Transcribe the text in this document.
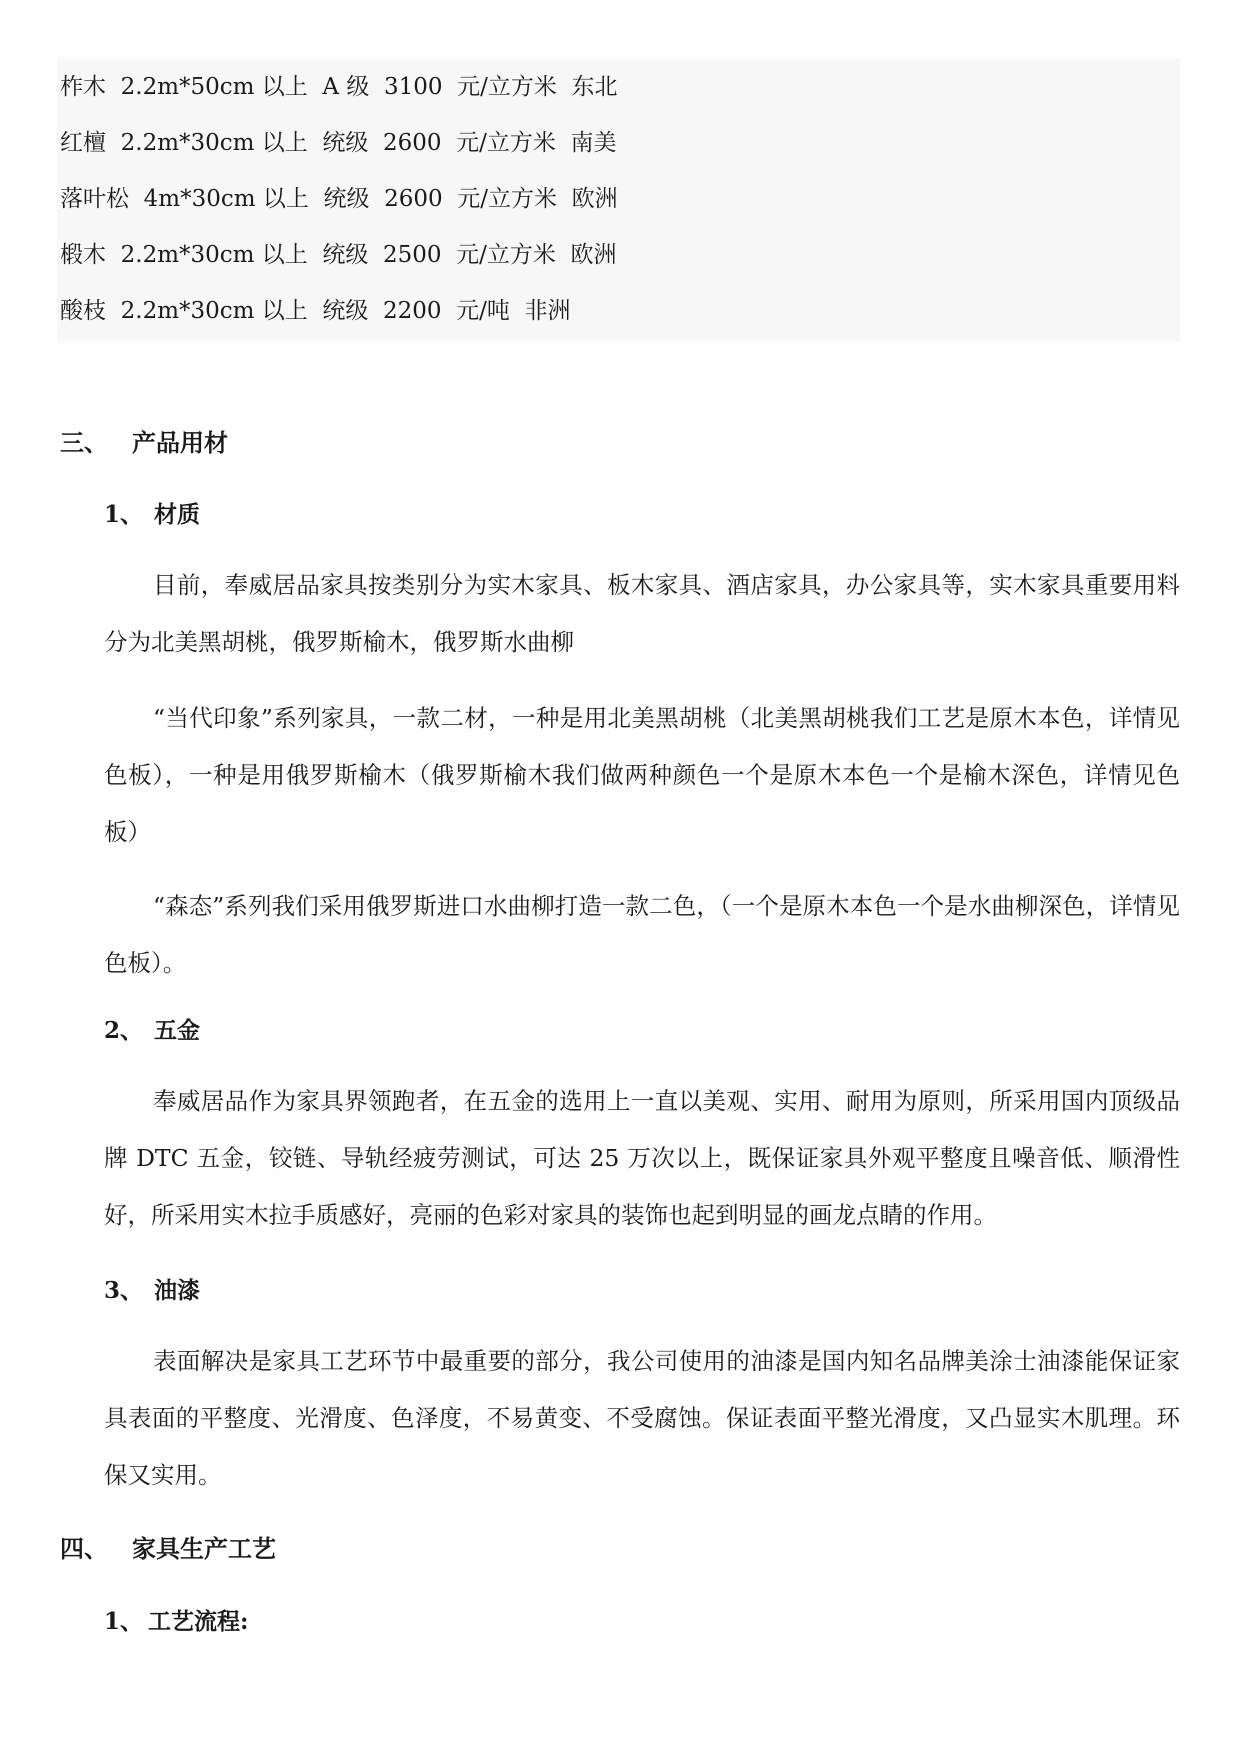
柞木  2.2m*50cm 以上  A 级  3100  元/立方米  东北
红檀  2.2m*30cm 以上  统级  2600  元/立方米  南美
落叶松  4m*30cm 以上  统级  2600  元/立方米  欧洲
椴木  2.2m*30cm 以上  统级  2500  元/立方米  欧洲
酸枝  2.2m*30cm 以上  统级  2200  元/吨  非洲
三、 产品用材
1、 材质
目前，奉威居品家具按类别分为实木家具、板木家具、酒店家具，办公家具等，实木家具重要用料分为北美黑胡桃，俄罗斯榆木，俄罗斯水曲柳
“当代印象”系列家具，一款二材，一种是用北美黑胡桃（北美黑胡桃我们工艺是原木本色，详情见色板），一种是用俄罗斯榆木（俄罗斯榆木我们做两种颜色一个是原木本色一个是榆木深色，详情见色板）
“森态”系列我们采用俄罗斯进口水曲柳打造一款二色，（一个是原木本色一个是水曲柳深色，详情见色板）。
2、 五金
奉威居品作为家具界领跑者，在五金的选用上一直以美观、实用、耐用为原则，所采用国内顶级品牌 DTC 五金，铰链、导轨经疲劳测试，可达 25 万次以上，既保证家具外观平整度且噪音低、顺滑性好，所采用实木拉手质感好，亮丽的色彩对家具的装饰也起到明显的画龙点睛的作用。
3、 油漆
表面解决是家具工艺环节中最重要的部分，我公司使用的油漆是国内知名品牌美涂士油漆能保证家具表面的平整度、光滑度、色泽度，不易黄变、不受腐蚀。保证表面平整光滑度，又凸显实木肌理。环保又实用。
四、 家具生产工艺
1、 工艺流程:
